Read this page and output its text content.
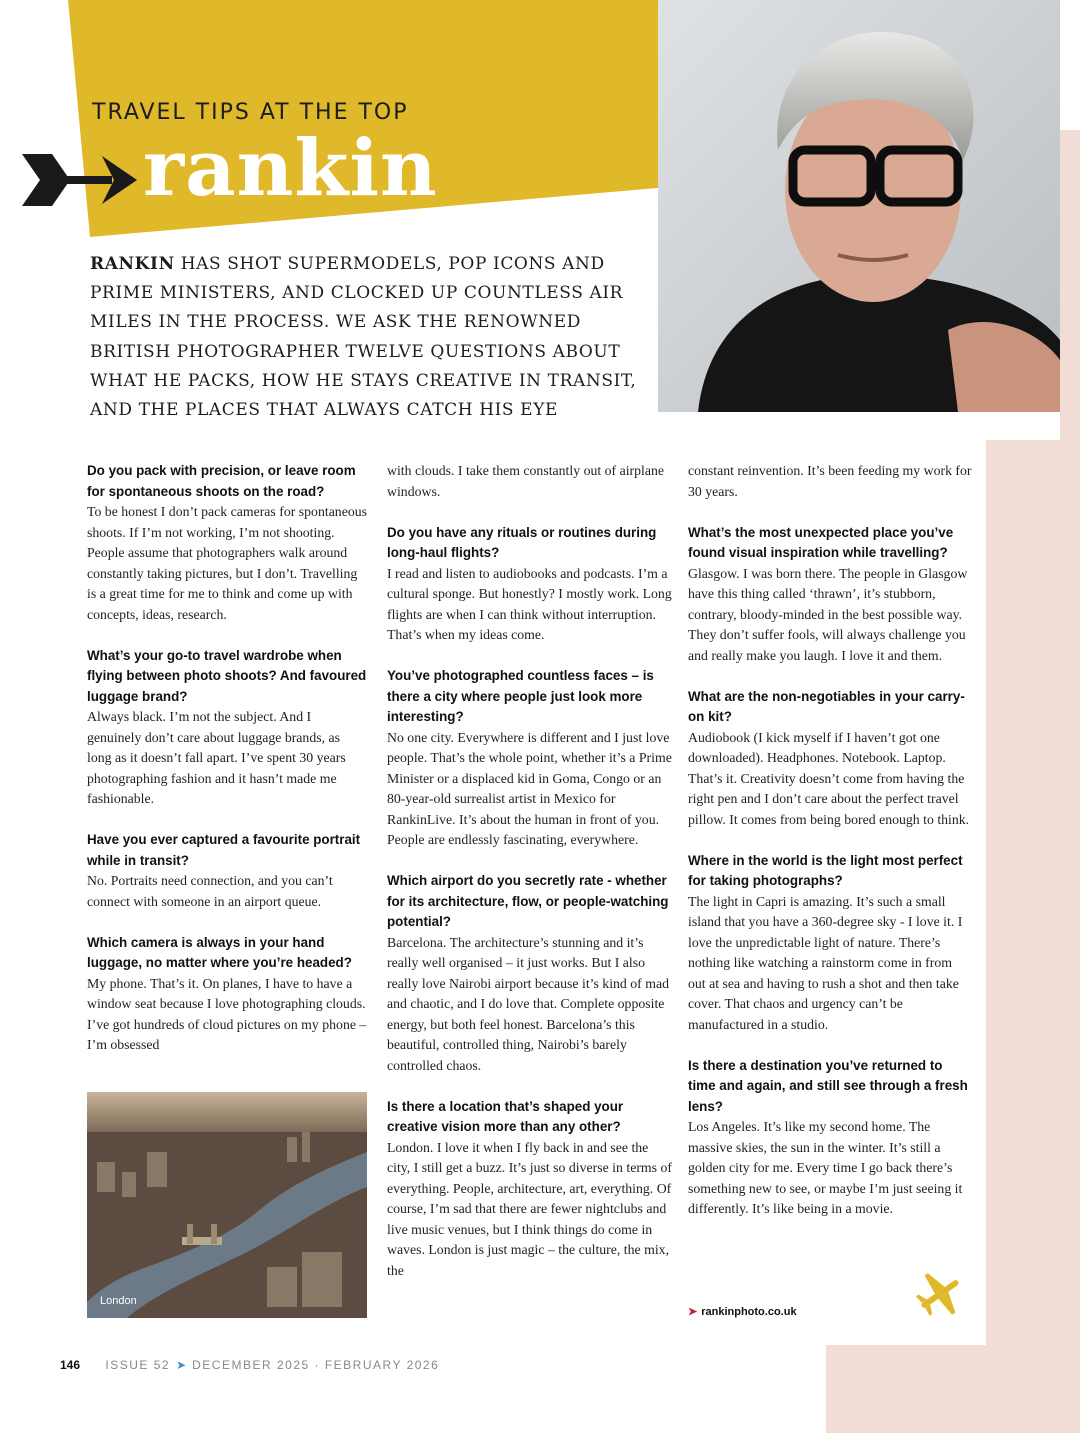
TRAVEL TIPS AT THE TOP
rankin

RANKIN HAS SHOT SUPERMODELS, POP ICONS AND PRIME MINISTERS, AND CLOCKED UP COUNTLESS AIR MILES IN THE PROCESS. WE ASK THE RENOWNED BRITISH PHOTOGRAPHER TWELVE QUESTIONS ABOUT WHAT HE PACKS, HOW HE STAYS CREATIVE IN TRANSIT, AND THE PLACES THAT ALWAYS CATCH HIS EYE

Do you pack with precision, or leave room for spontaneous shoots on the road?

To be honest I don’t pack cameras for spontaneous shoots. If I’m not working, I’m not shooting. People assume that photographers walk around constantly taking pictures, but I don’t. Travelling is a great time for me to think and come up with concepts, ideas, research.

What’s your go-to travel wardrobe when flying between photo shoots? And favoured luggage brand?

Always black. I’m not the subject. And I genuinely don’t care about luggage brands, as long as it doesn’t fall apart. I’ve spent 30 years photographing fashion and it hasn’t made me fashionable.

Have you ever captured a favourite portrait while in transit?

No. Portraits need connection, and you can’t connect with someone in an airport queue.

Which camera is always in your hand luggage, no matter where you’re headed?

My phone. That’s it. On planes, I have to have a window seat because I love photographing clouds. I’ve got hundreds of cloud pictures on my phone – I’m obsessed

with clouds. I take them constantly out of airplane windows.

Do you have any rituals or routines during long-haul flights?

I read and listen to audiobooks and podcasts. I’m a cultural sponge. But honestly? I mostly work. Long flights are when I can think without interruption. That’s when my ideas come.

You’ve photographed countless faces – is there a city where people just look more interesting?

No one city. Everywhere is different and I just love people. That’s the whole point, whether it’s a Prime Minister or a displaced kid in Goma, Congo or an 80-year-old surrealist artist in Mexico for RankinLive. It’s about the human in front of you. People are endlessly fascinating, everywhere.

Which airport do you secretly rate - whether for its architecture, flow, or people-watching potential?

Barcelona. The architecture’s stunning and it’s really well organised – it just works. But I also really love Nairobi airport because it’s kind of mad and chaotic, and I do love that. Complete opposite energy, but both feel honest. Barcelona’s this beautiful, controlled thing, Nairobi’s barely controlled chaos.

Is there a location that’s shaped your creative vision more than any other?

London. I love it when I fly back in and see the city, I still get a buzz. It’s just so diverse in terms of everything. People, architecture, art, everything. Of course, I’m sad that there are fewer nightclubs and live music venues, but I think things do come in waves. London is just magic – the culture, the mix, the

constant reinvention. It’s been feeding my work for 30 years.

What’s the most unexpected place you’ve found visual inspiration while travelling?

Glasgow. I was born there. The people in Glasgow have this thing called ‘thrawn’, it’s stubborn, contrary, bloody-minded in the best possible way. They don’t suffer fools, will always challenge you and really make you laugh. I love it and them.

What are the non-negotiables in your carry-on kit?

Audiobook (I kick myself if I haven’t got one downloaded). Headphones. Notebook. Laptop. That’s it. Creativity doesn’t come from having the right pen and I don’t care about the perfect travel pillow. It comes from being bored enough to think.

Where in the world is the light most perfect for taking photographs?

The light in Capri is amazing. It’s such a small island that you have a 360-degree sky - I love it. I love the unpredictable light of nature. There’s nothing like watching a rainstorm come in from out at sea and having to rush a shot and then take cover. That chaos and urgency can’t be manufactured in a studio.

Is there a destination you’ve returned to time and again, and still see through a fresh lens?

Los Angeles. It’s like my second home. The massive skies, the sun in the winter. It’s still a golden city for me. Every time I go back there’s something new to see, or maybe I’m just seeing it differently. It’s like being in a movie.

London
➤ rankinphoto.co.uk
146 ISSUE 52 ➤ DECEMBER 2025 · FEBRUARY 2026
